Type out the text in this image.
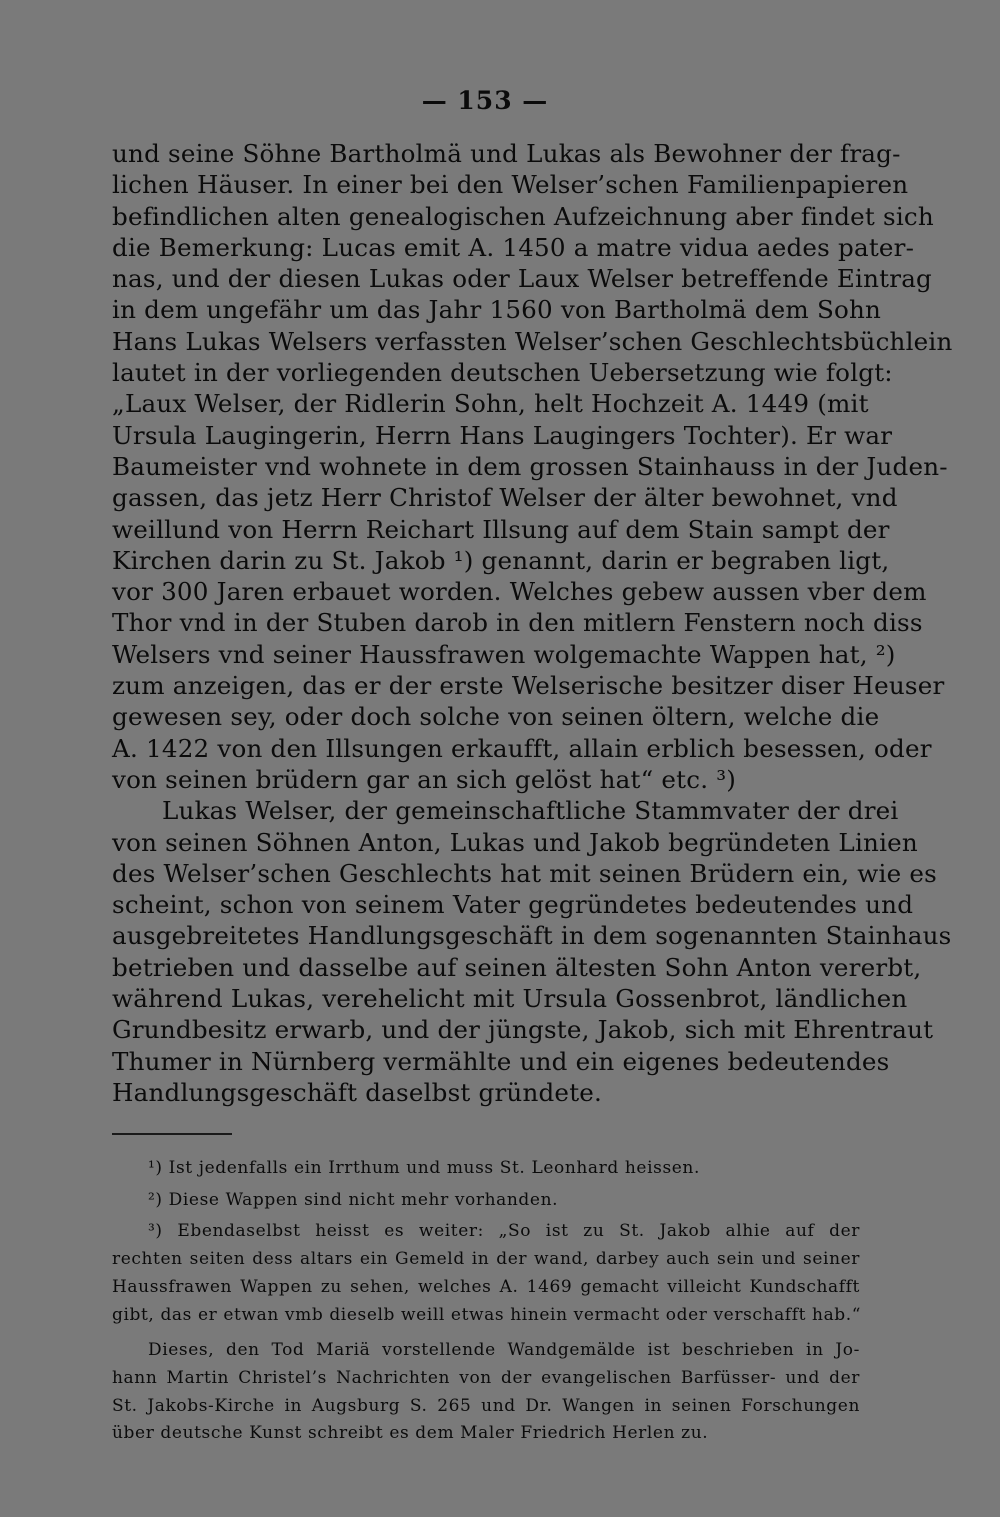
— 153 —
und seine Söhne Bartholmä und Lukas als Bewohner der frag-
lichen Häuser. In einer bei den Welser’schen Familienpapieren
befindlichen alten genealogischen Aufzeichnung aber findet sich
die Bemerkung: Lucas emit A. 1450 a matre vidua aedes pater-
nas, und der diesen Lukas oder Laux Welser betreffende Eintrag
in dem ungefähr um das Jahr 1560 von Bartholmä dem Sohn
Hans Lukas Welsers verfassten Welser’schen Geschlechtsbüchlein
lautet in der vorliegenden deutschen Uebersetzung wie folgt:
„Laux Welser, der Ridlerin Sohn, helt Hochzeit A. 1449 (mit
Ursula Laugingerin, Herrn Hans Laugingers Tochter). Er war
Baumeister vnd wohnete in dem grossen Stainhauss in der Juden-
gassen, das jetz Herr Christof Welser der älter bewohnet, vnd
weillund von Herrn Reichart Illsung auf dem Stain sampt der
Kirchen darin zu St. Jakob ¹) genannt, darin er begraben ligt,
vor 300 Jaren erbauet worden. Welches gebew aussen vber dem
Thor vnd in der Stuben darob in den mitlern Fenstern noch diss
Welsers vnd seiner Haussfrawen wolgemachte Wappen hat, ²)
zum anzeigen, das er der erste Welserische besitzer diser Heuser
gewesen sey, oder doch solche von seinen öltern, welche die
A. 1422 von den Illsungen erkaufft, allain erblich besessen, oder
von seinen brüdern gar an sich gelöst hat“ etc. ³)
Lukas Welser, der gemeinschaftliche Stammvater der drei
von seinen Söhnen Anton, Lukas und Jakob begründeten Linien
des Welser’schen Geschlechts hat mit seinen Brüdern ein, wie es
scheint, schon von seinem Vater gegründetes bedeutendes und
ausgebreitetes Handlungsgeschäft in dem sogenannten Stainhaus
betrieben und dasselbe auf seinen ältesten Sohn Anton vererbt,
während Lukas, verehelicht mit Ursula Gossenbrot, ländlichen
Grundbesitz erwarb, und der jüngste, Jakob, sich mit Ehrentraut
Thumer in Nürnberg vermählte und ein eigenes bedeutendes
Handlungsgeschäft daselbst gründete.
¹) Ist jedenfalls ein Irrthum und muss St. Leonhard heissen.
²) Diese Wappen sind nicht mehr vorhanden.
³) Ebendaselbst heisst es weiter: „So ist zu St. Jakob alhie auf der
rechten seiten dess altars ein Gemeld in der wand, darbey auch sein und seiner
Haussfrawen Wappen zu sehen, welches A. 1469 gemacht villeicht Kundschafft
gibt, das er etwan vmb dieselb weill etwas hinein vermacht oder verschafft hab.“
Dieses, den Tod Mariä vorstellende Wandgemälde ist beschrieben in Jo-
hann Martin Christel’s Nachrichten von der evangelischen Barfüsser- und der
St. Jakobs-Kirche in Augsburg S. 265 und Dr. Wangen in seinen Forschungen
über deutsche Kunst schreibt es dem Maler Friedrich Herlen zu.
